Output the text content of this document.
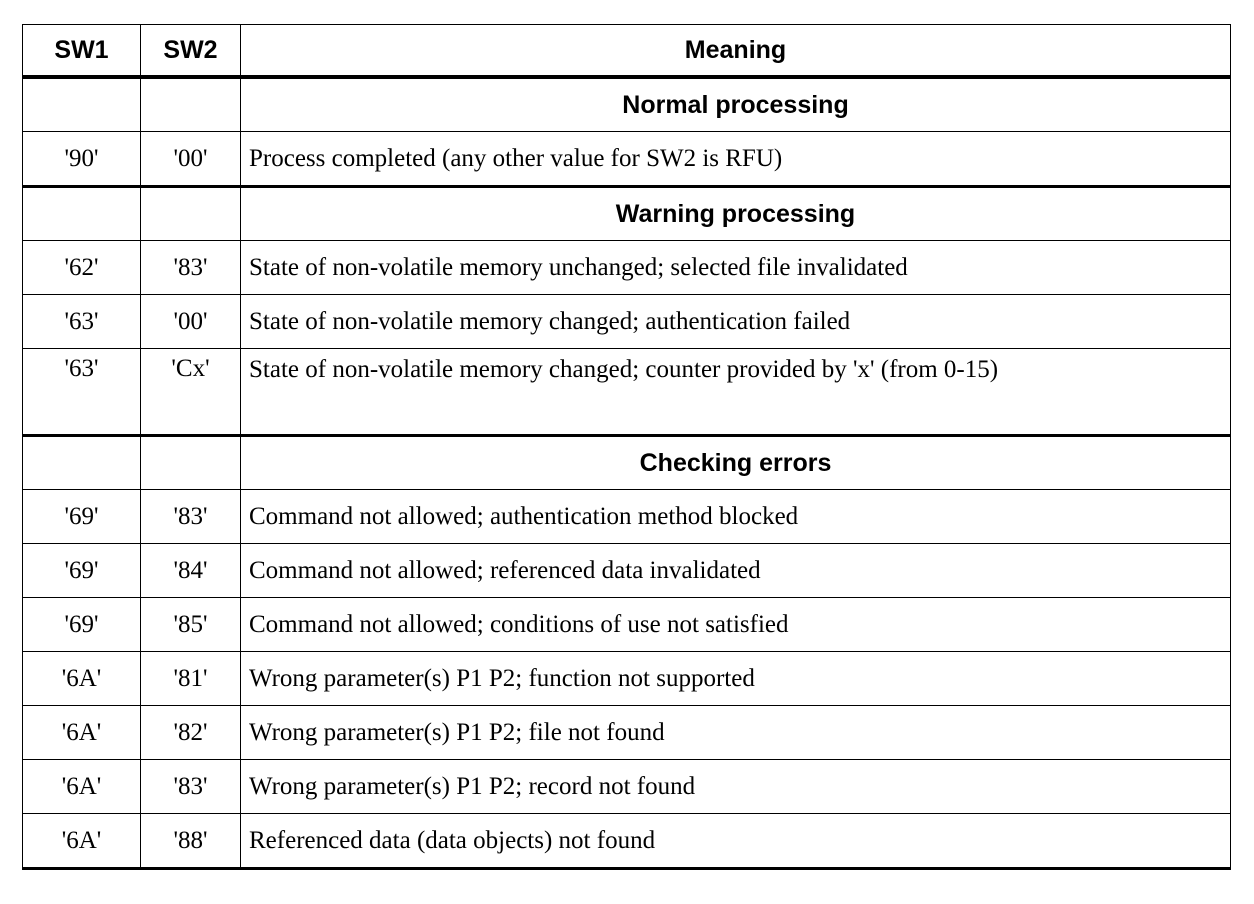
SW1	SW2	Meaning
		Normal processing
'90'	'00'	Process completed (any other value for SW2 is RFU)
		Warning processing
'62'	'83'	State of non-volatile memory unchanged; selected file invalidated
'63'	'00'	State of non-volatile memory changed; authentication failed
'63'	'Cx'	State of non-volatile memory changed; counter provided by 'x' (from 0-15)
		Checking errors
'69'	'83'	Command not allowed; authentication method blocked
'69'	'84'	Command not allowed; referenced data invalidated
'69'	'85'	Command not allowed; conditions of use not satisfied
'6A'	'81'	Wrong parameter(s) P1 P2; function not supported
'6A'	'82'	Wrong parameter(s) P1 P2; file not found
'6A'	'83'	Wrong parameter(s) P1 P2; record not found
'6A'	'88'	Referenced data (data objects) not found
